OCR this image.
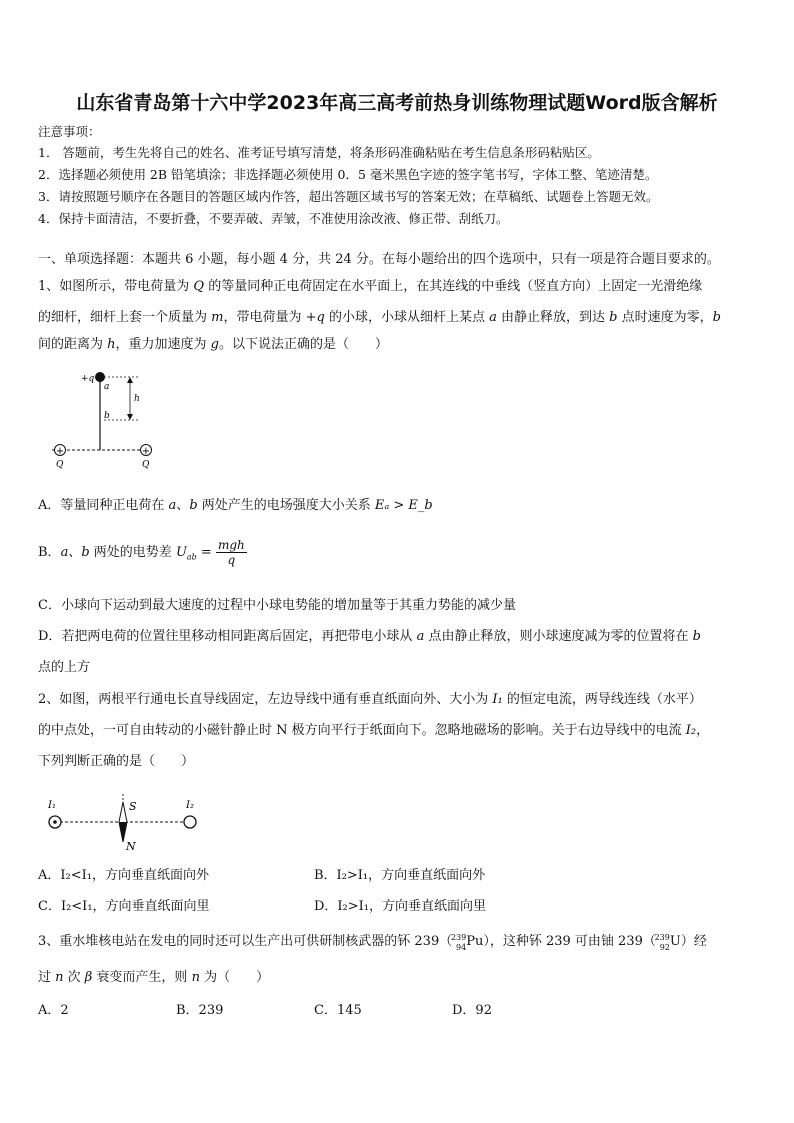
山东省青岛第十六中学2023年高三高考前热身训练物理试题Word版含解析
注意事项：
1． 答题前，考生先将自己的姓名、准考证号填写清楚，将条形码准确粘贴在考生信息条形码粘贴区。
2．选择题必须使用 2B 铅笔填涂；非选择题必须使用 0．5 毫米黑色字迹的签字笔书写，字体工整、笔迹清楚。
3．请按照题号顺序在各题目的答题区域内作答，超出答题区域书写的答案无效；在草稿纸、试题卷上答题无效。
4．保持卡面清洁，不要折叠，不要弄破、弄皱，不准使用涂改液、修正带、刮纸刀。
一、单项选择题：本题共 6 小题，每小题 4 分，共 24 分。在每小题给出的四个选项中，只有一项是符合题目要求的。
1、如图所示，带电荷量为 Q 的等量同种正电荷固定在水平面上，在其连线的中垂线（竖直方向）上固定一光滑绝缘
的细杆，细杆上套一个质量为 m，带电荷量为 +q 的小球，小球从细杆上某点 a 由静止释放，到达 b 点时速度为零，b
间的距离为 h，重力加速度为 g。以下说法正确的是（　　）
+	+
+q
a
b
h
Q	Q
A．等量同种正电荷在 a、b 两处产生的电场强度大小关系 Eₐ > E_b
B．a、b 两处的电势差 $U_{ab} = \frac{\text{mgh}}{q}$
C．小球向下运动到最大速度的过程中小球电势能的增加量等于其重力势能的减少量
D．若把两电荷的位置往里移动相同距离后固定，再把带电小球从 a 点由静止释放，则小球速度减为零的位置将在 b
点的上方
2、如图，两根平行通电长直导线固定，左边导线中通有垂直纸面向外、大小为 I₁ 的恒定电流，两导线连线（水平）
的中点处，一可自由转动的小磁针静止时 N 极方向平行于纸面向下。忽略地磁场的影响。关于右边导线中的电流 I₂，
下列判断正确的是（　　）
I₁	I₂
S
N
A．I₂<I₁，方向垂直纸面向外	B．I₂>I₁，方向垂直纸面向外
C．I₂<I₁，方向垂直纸面向里	D．I₂>I₁，方向垂直纸面向里
3、重水堆核电站在发电的同时还可以生产出可供研制核武器的钚 239（
239
94 Pu），这种钚 239 可由铀 239（
239
92 U）经
过 n 次 β 衰变而产生，则 n 为（　　）
A．2	B．239	C．145	D．92
